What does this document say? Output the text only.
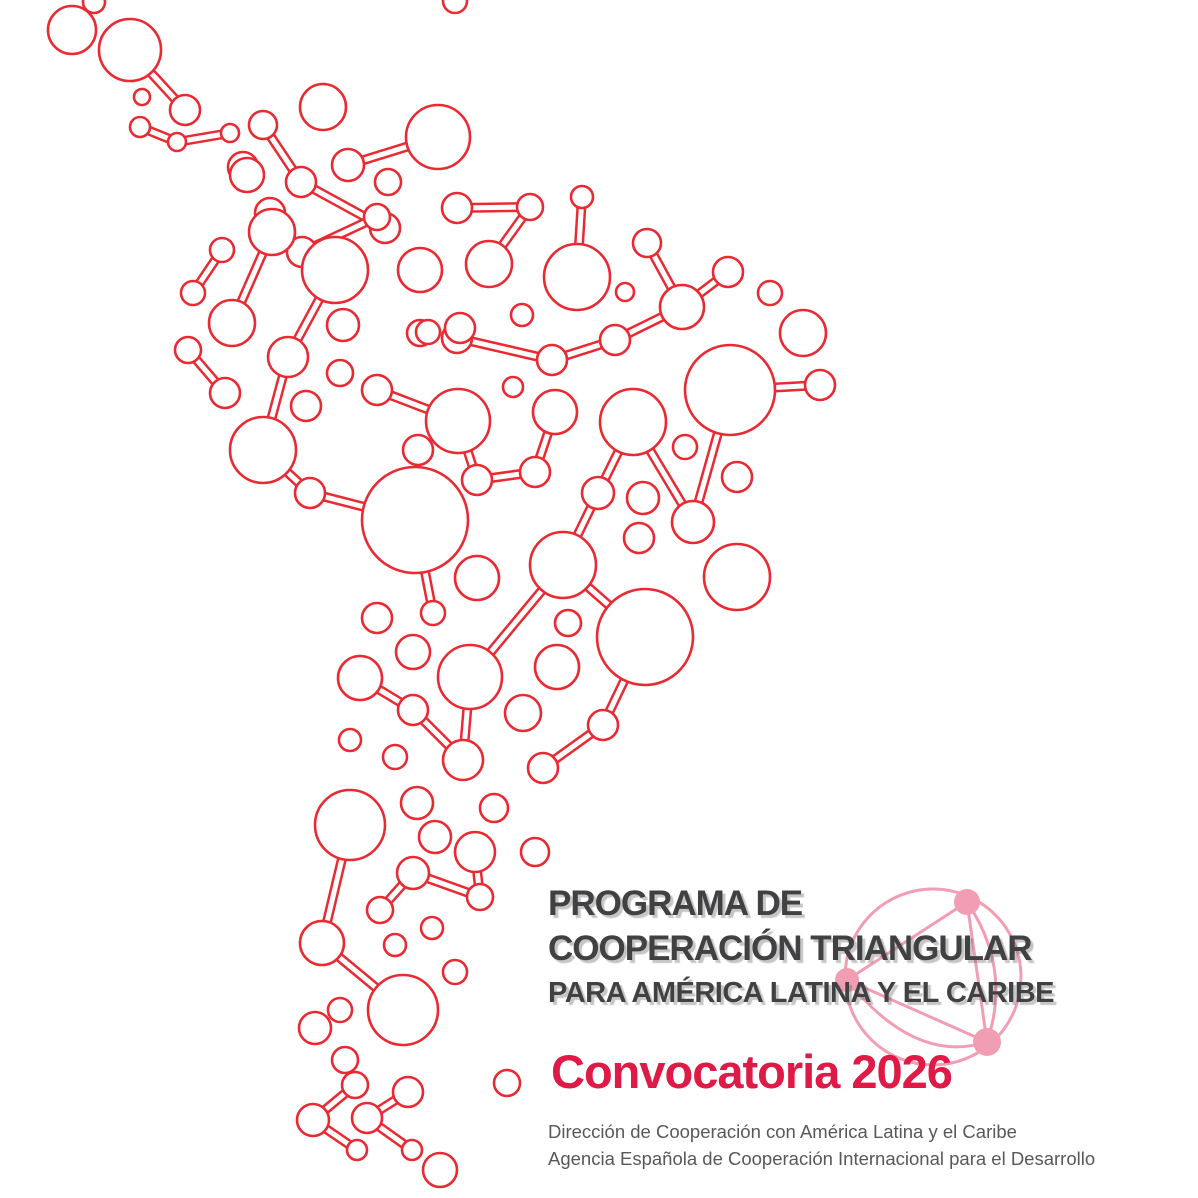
PROGRAMA DE
COOPERACIÓN TRIANGULAR
PARA AMÉRICA LATINA Y EL CARIBE
Convocatoria 2026
Dirección de Cooperación con América Latina y el Caribe
Agencia Española de Cooperación Internacional para el Desarrollo
